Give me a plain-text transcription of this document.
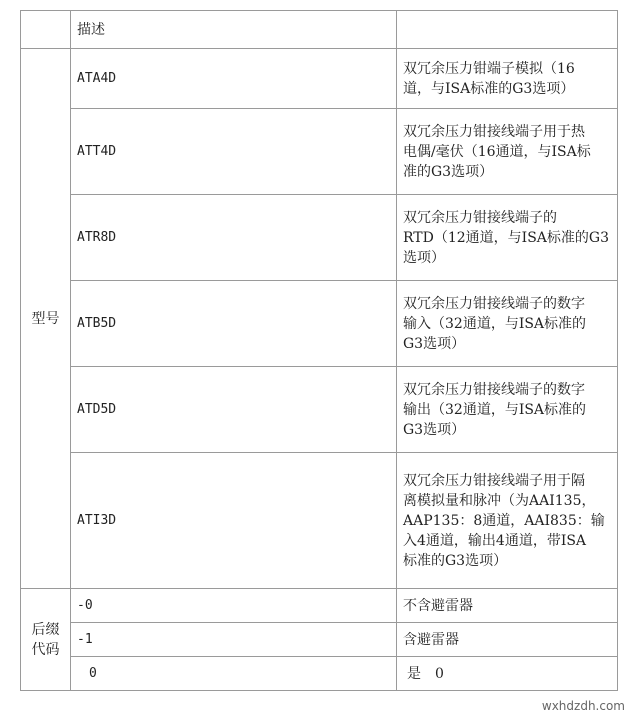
	描述	
型号	ATA4D	双冗余压力钳端子模拟（16
道，与ISA标准的G3选项）

	ATT4D	双冗余压力钳接线端子用于热
电偶/毫伏（16通道，与ISA标
准的G3选项）

	ATR8D	双冗余压力钳接线端子的
RTD（12通道，与ISA标准的G3
选项）

	ATB5D	双冗余压力钳接线端子的数字
输入（32通道，与ISA标准的
G3选项）

	ATD5D	双冗余压力钳接线端子的数字
输出（32通道，与ISA标准的
G3选项）

	ATI3D	双冗余压力钳接线端子用于隔
离模拟量和脉冲（为AAI135，
AAP135：8通道，AAI835：输
入4通道，输出4通道，带ISA
标准的G3选项）

后缀
代码	-0	不含避雷器
	-1	含避雷器
	0	是　0
wxhdzdh.com
